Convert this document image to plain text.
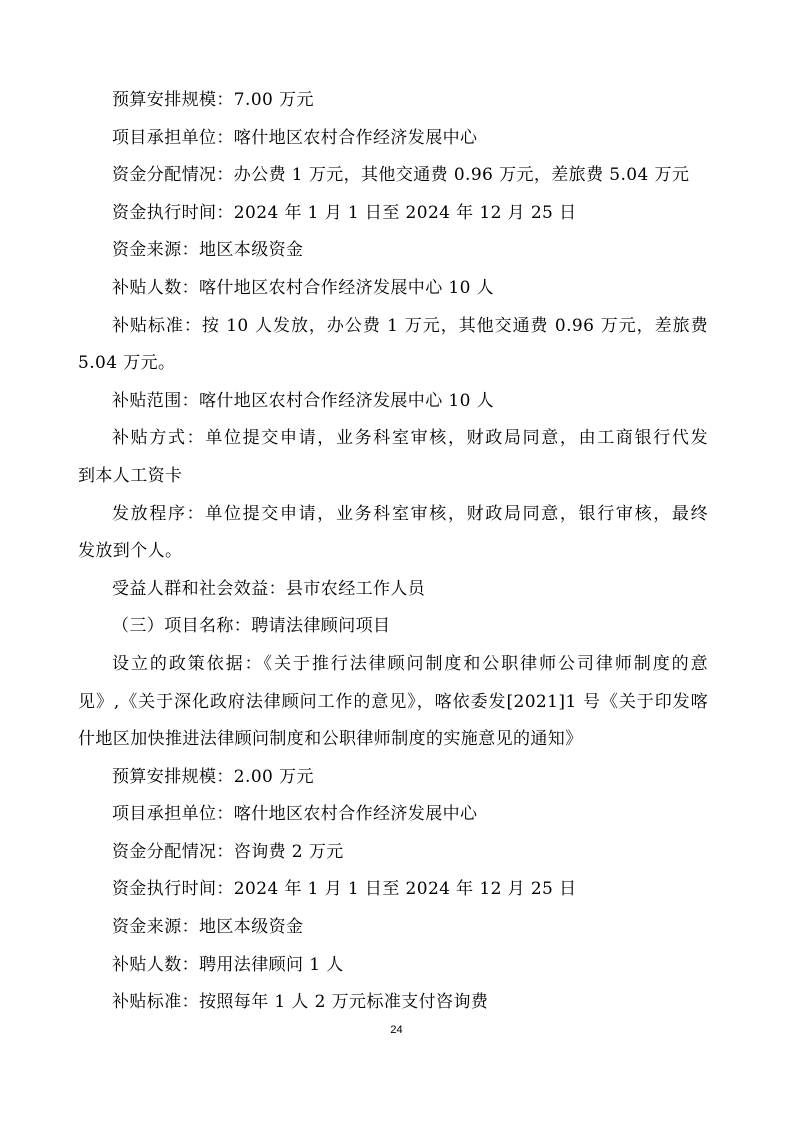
预算安排规模：7.00 万元
项目承担单位：喀什地区农村合作经济发展中心
资金分配情况：办公费 1 万元，其他交通费 0.96 万元，差旅费 5.04 万元
资金执行时间：2024 年 1 月 1 日至 2024 年 12 月 25 日
资金来源：地区本级资金
补贴人数：喀什地区农村合作经济发展中心 10 人
补贴标准：按 10 人发放，办公费 1 万元，其他交通费 0.96 万元，差旅费
5.04 万元。
补贴范围：喀什地区农村合作经济发展中心 10 人
补贴方式：单位提交申请，业务科室审核，财政局同意，由工商银行代发
到本人工资卡
发放程序：单位提交申请，业务科室审核，财政局同意，银行审核，最终
发放到个人。
受益人群和社会效益：县市农经工作人员
（三）项目名称：聘请法律顾问项目
设立的政策依据：《关于推行法律顾问制度和公职律师公司律师制度的意
见》,《关于深化政府法律顾问工作的意见》，喀依委发[2021]1 号《关于印发喀
什地区加快推进法律顾问制度和公职律师制度的实施意见的通知》
预算安排规模：2.00 万元
项目承担单位：喀什地区农村合作经济发展中心
资金分配情况：咨询费 2 万元
资金执行时间：2024 年 1 月 1 日至 2024 年 12 月 25 日
资金来源：地区本级资金
补贴人数：聘用法律顾问 1 人
补贴标准：按照每年 1 人 2 万元标准支付咨询费
24
